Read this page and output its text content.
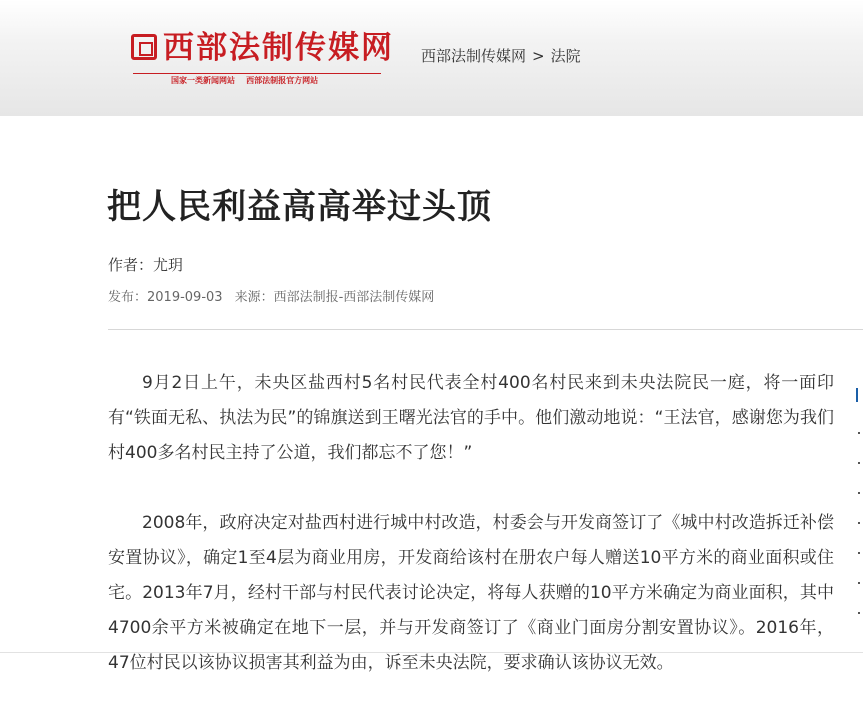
西部法制传媒网
国家一类新闻网站    西部法制报官方网站
西部法制传媒网 > 法院
把人民利益高高举过头顶
作者：尤玥
发布：2019-09-03 来源：西部法制报-西部法制传媒网

9月2日上午，未央区盐西村5名村民代表全村400名村民来到未央法院民一庭，将一面印有“铁面无私、执法为民”的锦旗送到王曙光法官的手中。他们激动地说：“王法官，感谢您为我们村400多名村民主持了公道，我们都忘不了您！”

2008年，政府决定对盐西村进行城中村改造，村委会与开发商签订了《城中村改造拆迁补偿安置协议》，确定1至4层为商业用房，开发商给该村在册农户每人赠送10平方米的商业面积或住宅。2013年7月，经村干部与村民代表讨论决定，将每人获赠的10平方米确定为商业面积，其中4700余平方米被确定在地下一层，并与开发商签订了《商业门面房分割安置协议》。2016年，47位村民以该协议损害其利益为由，诉至未央法院，要求确认该协议无效。
